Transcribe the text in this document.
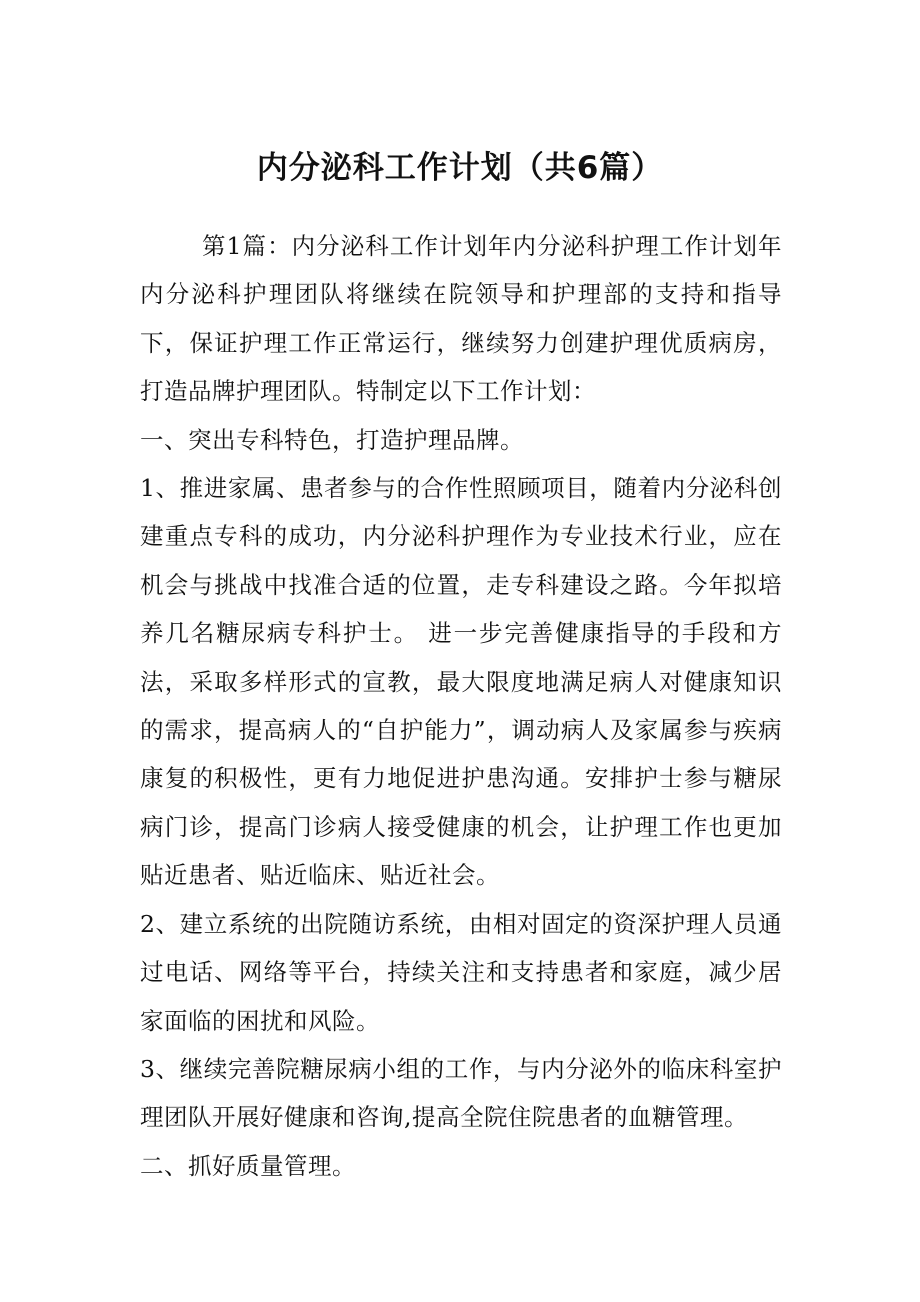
内分泌科工作计划（共6篇）

第1篇：内分泌科工作计划年内分泌科护理工作计划年内分泌科护理团队将继续在院领导和护理部的支持和指导下，保证护理工作正常运行，继续努力创建护理优质病房，打造品牌护理团队。特制定以下工作计划：

一、突出专科特色，打造护理品牌。

1、推进家属、患者参与的合作性照顾项目，随着内分泌科创建重点专科的成功，内分泌科护理作为专业技术行业，应在机会与挑战中找准合适的位置，走专科建设之路。今年拟培养几名糖尿病专科护士。 进一步完善健康指导的手段和方法，采取多样形式的宣教，最大限度地满足病人对健康知识的需求，提高病人的“自护能力”，调动病人及家属参与疾病康复的积极性，更有力地促进护患沟通。安排护士参与糖尿病门诊，提高门诊病人接受健康的机会，让护理工作也更加贴近患者、贴近临床、贴近社会。

2、建立系统的出院随访系统，由相对固定的资深护理人员通过电话、网络等平台，持续关注和支持患者和家庭，减少居家面临的困扰和风险。

3、继续完善院糖尿病小组的工作，与内分泌外的临床科室护理团队开展好健康和咨询,提高全院住院患者的血糖管理。

二、抓好质量管理。
